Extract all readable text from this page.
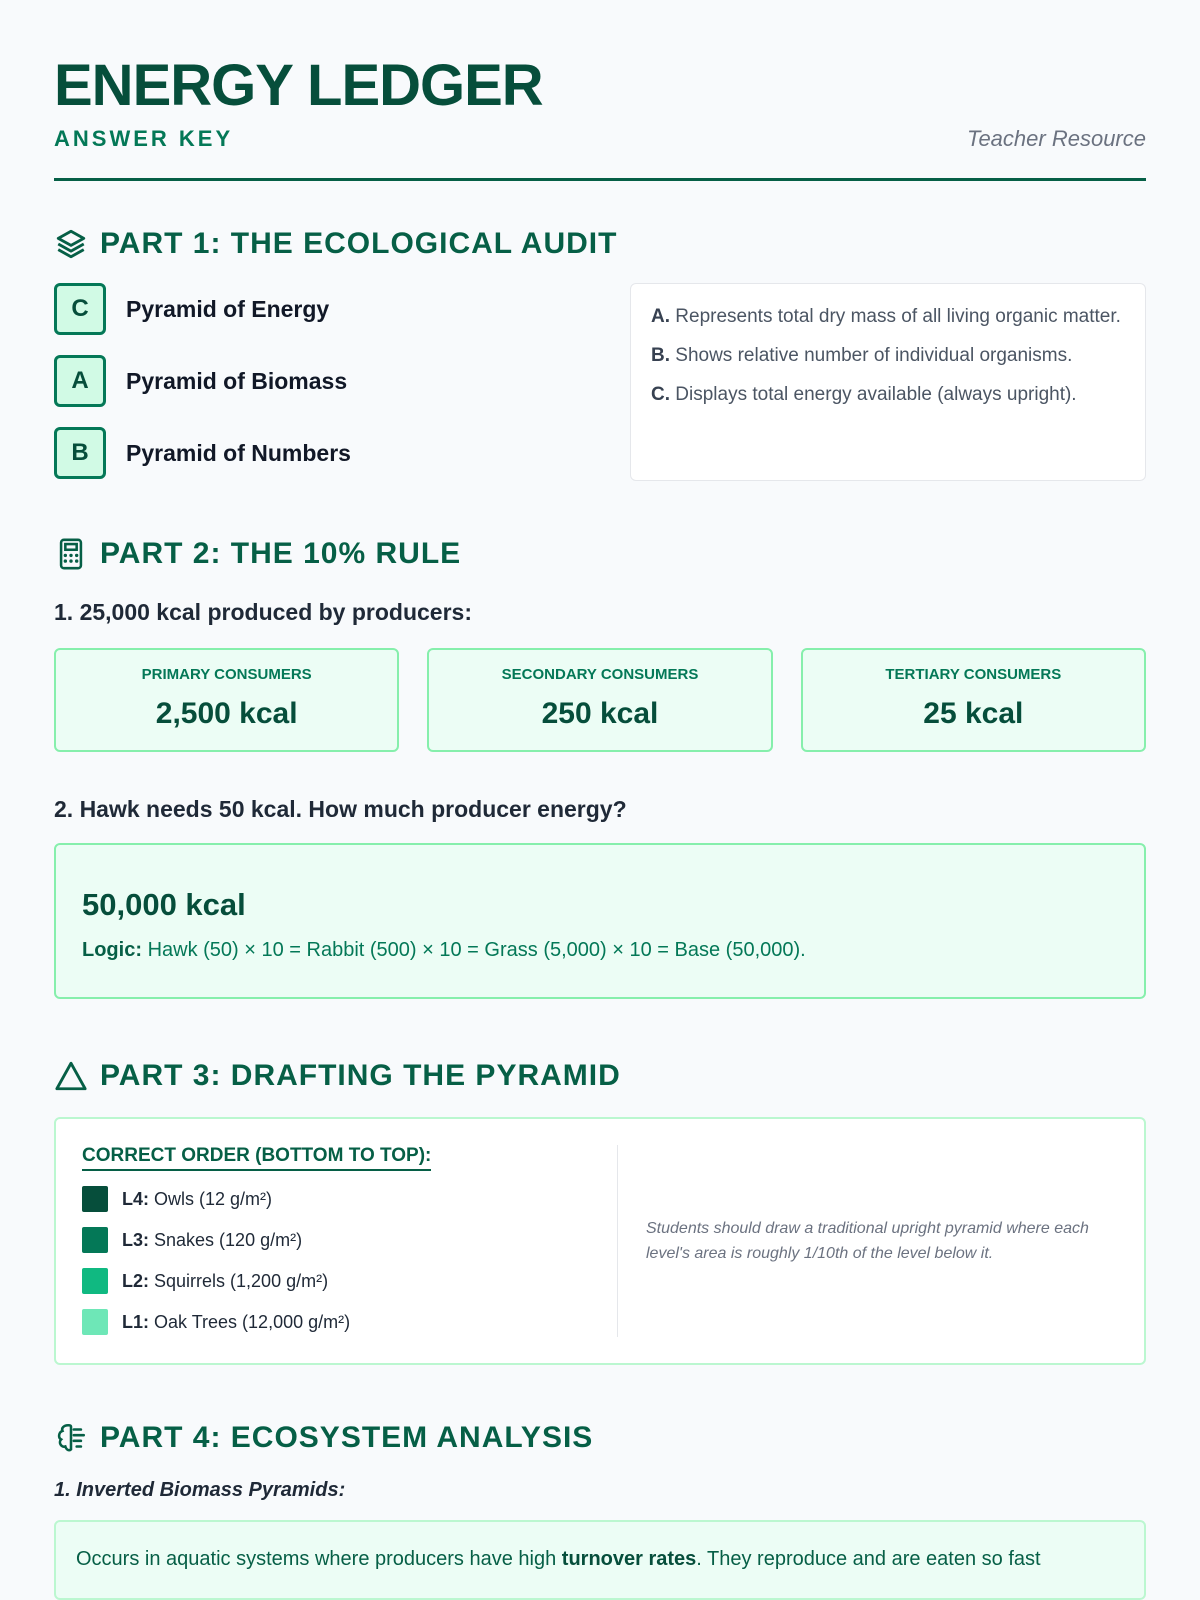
ENERGY LEDGER
ANSWER KEY	Teacher Resource
PART 1: THE ECOLOGICAL AUDIT
C	Pyramid of Energy
A	Pyramid of Biomass
B	Pyramid of Numbers

A. Represents total dry mass of all living organic matter.

B. Shows relative number of individual organisms.

C. Displays total energy available (always upright).

PART 2: THE 10% RULE
1. 25,000 kcal produced by producers:
PRIMARY CONSUMERS
2,500 kcal
SECONDARY CONSUMERS
250 kcal
TERTIARY CONSUMERS
25 kcal
2. Hawk needs 50 kcal. How much producer energy?
50,000 kcal
Logic: Hawk (50) × 10 = Rabbit (500) × 10 = Grass (5,000) × 10 = Base (50,000).
PART 3: DRAFTING THE PYRAMID
CORRECT ORDER (BOTTOM TO TOP):
L4: Owls (12 g/m²)
L3: Snakes (120 g/m²)
L2: Squirrels (1,200 g/m²)
L1: Oak Trees (12,000 g/m²)
Students should draw a traditional upright pyramid where each level's area is roughly 1/10th of the level below it.
PART 4: ECOSYSTEM ANALYSIS
1. Inverted Biomass Pyramids:
Occurs in aquatic systems where producers have high turnover rates. They reproduce and are eaten so fast
